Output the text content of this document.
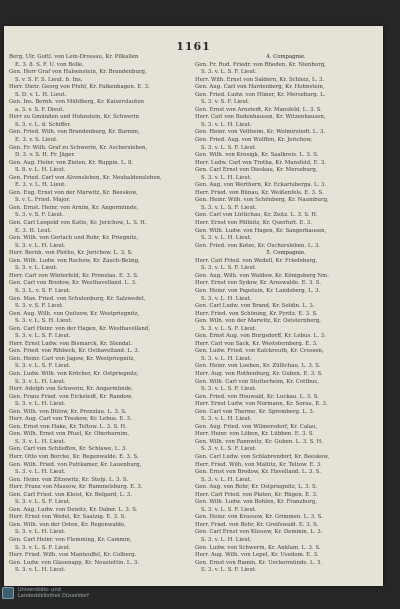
1161
Berg, Ulr. Gottl. von Lein-Drossau, Kr. Pilkallen
E. 3. 8. S. F. U. von Bolle.
Gen. Herr Graf von Halsenstein, Kr. Brandenburg,
S. v. S. F. S. Lieut. b. Ins.
Herr. Dietr. Georg von Pfuhl, Kr. Falkenhagen. E. 3.
S. D. v. L. H. Lieut.
Gen. Ins. Bernh. von Mühlberg, Kr. Kaiserslauten
a. 3. v. S. F. Dieut.
Herr zu Gmünden und Hohnstein, Kr. Schwerin
S. 3. v. L. d. Schiffer.
Gen. Fried. Wilh. von Brandenburg, Kr. Barnim,
E. 3. v. S. Lieut.
Gen. Fr. Wilh. Graf zu Schwerin, Kr. Aschersleben,
D. 3. v. S. H. Fr. Jäger.
Gen. Aug. Heinr. von Zieten, Kr. Ruppin. L. 8.
S. 8. v. L. H. Lieut.
Gen. Fried. Carl von Alvensleben, Kr. Neuhaldensleben,
E. 3. v. L. H. Lieut.
Gen. Eug. Ernst von der Marwitz, Kr. Beeskow,
S. v. L. Fried. Major.
Gen. Ernst. Heinr. von Arnim, Kr. Angermünde,
S. 3. v. S. F. Lieut.
Gen. Carl Leopold von Katte, Kr. Jerichow, L. S. H.
E. 3. H. Leut.
Gen. Wilh. von Gerlach und Rohr, Kr. Priegnitz,
S. 3. v. L. H. Lieut.
Herr. Bernh. von Plotho, Kr. Jerichow. L. 3. S.
Gen. Wilh. Ludw. von Rochow, Kr. Zauch-Belzig,
S. 3. v. L. Lieut.
Herr. Carl von Winterfeld, Kr. Prenzlau. E. 3. S.
Gen. Carl von Bredow, Kr. Westhavelland. L. 3.
S. 3. L. v. S. F. Lieut.
Gen. Max. Fried. von Schulenburg, Kr. Salzwedel,
S. 3. v. S. F. Lieut.
Gen. Aug. Wilh. von Quitzow, Kr. Westpriegnitz,
S. 3. v. L. S. H. Lieut.
Gen. Carl Heinr. von der Hagen, Kr. Westhavelland,
S. 3. v. L. S. F. Lieut.
Herr. Ernst Ludw. von Bismarck, Kr. Stendal.
Gen. Fried. von Ribbeck, Kr. Osthavelland. L. 3.
Gen. Heinr. Carl von Jagow, Kr. Westpriegnitz,
S. 3. v. L. S. F. Lieut.
Gen. Ludw. Wilh. von Kröcher, Kr. Ostpriegnitz,
S. 3. v. L. H. Lieut.
Herr. Adolph von Schwerin, Kr. Angermünde.
Gen. Franz Fried. von Eickstedt, Kr. Randow,
S. 3. v. L. H. Lieut.
Gen. Wilh. von Bülow, Kr. Prenzlau. L. 3. S.
Herr. Aug. Carl von Treskow, Kr. Lebus. E. 3.
Gen. Ernst von Hake, Kr. Teltow. L. 3. S. H.
Gen. Wilh. Ernst von Pfuel, Kr. Oberbarnim,
S. 3. v. L. H. Lieut.
Gen. Carl von Schlieffen, Kr. Schlawe, L. 3.
Herr. Otto von Borcke, Kr. Regenwalde. E. 3. S.
Gen. Wilh. Fried. von Puttkamer, Kr. Lauenburg,
S. 3. v. L. H. Lieut.
Gen. Heinr. von Zitzewitz, Kr. Stolp. L. 3. S.
Herr. Franz von Massow, Kr. Rummelsburg. E. 3.
Gen. Carl Fried. von Kleist, Kr. Belgard, L. 3.
S. 3. v. L. S. F. Lieut.
Gen. Aug. Ludw. von Dewitz, Kr. Daber. L. 3. S.
Herr. Ernst von Wedel, Kr. Saatzig. E. 3. S.
Gen. Wilh. von der Osten, Kr. Regenwalde,
S. 3. v. L. H. Lieut.
Gen. Carl Heinr. von Flemming, Kr. Cammin,
S. 3. v. L. S. F. Lieut.
Herr. Fried. Wilh. von Manteuffel, Kr. Colberg.
Gen. Ludw. von Glasenapp, Kr. Neustettin. L. 3.
S. 3. v. L. H. Lieut.
4. Compagnie.
Gen. Fr. Rud. Friedr. von Rheden, Kr. Nienburg,
S. 3. v. L. S. F. Lieut.
Herr. Wilh. Ernst von Saldern, Kr. Schleiz, L. 3.
Gen. Aug. Carl von Hardenberg, Kr. Hohnstein,
Gen. Fried. Ludw. von Hüner, Kr. Merseburg. L.
S. 3. v. S. F. Lieut.
Gen. Ernst von Arnstedt, Kr. Mansfeld, L. 3. S.
Herr. Carl von Bodenhausen, Kr. Witzenhausen,
S. 3. v. L. H. Lieut.
Gen. Heinr. von Veltheim, Kr. Wolmirstedt. L. 3.
Gen. Fried. Aug. von Wulffen, Kr. Jerichow,
S. 3. v. L. S. F. Lieut.
Gen. Wilh. von Krosigk, Kr. Saalkreis. L. 3. S.
Herr. Ludw. Carl von Trotha, Kr. Mansfeld, E. 3.
Gen. Carl Ernst von Dieskau, Kr. Merseburg,
S. 3. v. L. H. Lieut.
Gen. Aug. von Werthern, Kr. Eckartsberga. L. 3.
Herr. Fried. von Bünau, Kr. Weißenfels. E. 3. S.
Gen. Heinr. Wilh. von Schönberg, Kr. Naumburg,
S. 3. v. L. S. F. Lieut.
Gen. Carl von Lüttichau, Kr. Zeitz. L. 3. S. H.
Herr. Ernst von Pöllnitz, Kr. Querfurt. E. 3.
Gen. Wilh. Ludw. von Hagen, Kr. Sangerhausen,
S. 3. v. L. H. Lieut.
Gen. Fried. von Kotze, Kr. Oschersleben. L. 3.
5. Compagnie.
Herr. Carl Fried. von Wedell, Kr. Friedeberg,
S. 3. v. L. S. F. Lieut.
Gen. Aug. Wilh. von Waldow, Kr. Königsberg Nm.
Herr. Ernst von Sydow, Kr. Arnswalde. E. 3. S.
Gen. Heinr. von Papstein, Kr. Landsberg, L. 3.
S. 3. v. L. H. Lieut.
Gen. Carl Ludw. von Brand, Kr. Soldin. L. 3.
Herr. Fried. von Schöning, Kr. Pyritz. E. 3. S.
Gen. Wilh. von der Marwitz, Kr. Oststernberg,
S. 3. v. L. S. F. Lieut.
Gen. Ernst Aug. von Burgsdorff, Kr. Lebus. L. 3.
Herr. Carl von Sack, Kr. Weststernberg. E. 3.
Gen. Ludw. Fried. von Kalckreuth, Kr. Crossen,
S. 3. v. L. H. Lieut.
Gen. Heinr. von Loeben, Kr. Züllichau. L. 3. S.
Herr. Aug. von Rothenburg, Kr. Guben. E. 3. S.
Gen. Wilh. Carl von Stutterheim, Kr. Cottbus,
S. 3. v. L. S. F. Lieut.
Gen. Fried. von Houwald, Kr. Luckau. L. 3. S.
Herr. Ernst Ludw. von Normann, Kr. Sorau, E. 3.
Gen. Carl von Thermo, Kr. Spremberg. L. 3.
S. 3. v. L. H. Lieut.
Gen. Aug. Fried. von Wilmersdorf, Kr. Calau,
Herr. Heinr. von Löben, Kr. Lübben. E. 3. S.
Gen. Wilh. von Pannwitz, Kr. Guben. L. 3. S. H.
S. 3. v. L. S. F. Lieut.
Gen. Carl Ludw. von Schlabrendorf, Kr. Beeskow,
Herr. Fried. Wilh. von Maltitz, Kr. Teltow. E. 3.
Gen. Ernst von Bredow, Kr. Havelland. L. 3. S.
S. 3. v. L. H. Lieut.
Gen. Aug. von Rohr, Kr. Ostpriegnitz, L. 3. S.
Herr. Carl Fried. von Platen, Kr. Rügen. E. 3.
Gen. Wilh. Ludw. von Bohlen, Kr. Franzburg,
S. 3. v. L. S. F. Lieut.
Gen. Heinr. von Krassow, Kr. Grimmen. L. 3. S.
Herr. Fried. von Behr, Kr. Greifswald. E. 3. S.
Gen. Carl Ernst von Küssow, Kr. Demmin, L. 3.
S. 3. v. L. H. Lieut.
Gen. Ludw. von Schwerin, Kr. Anklam. L. 3. S.
Herr. Aug. Wilh. von Lepel, Kr. Usedom. E. 3.
Gen. Ernst von Ramin, Kr. Ueckermünde. L. 3.
S. 3. v. L. S. F. Lieut.
Universitäts- und
Landesbibliothek Düsseldorf
